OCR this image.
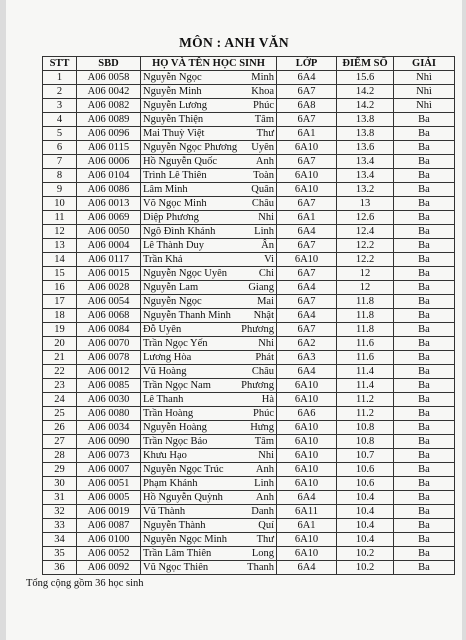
MÔN : ANH VĂN
STT	SBD	HỌ VÀ TÊN HỌC SINH	LỚP	ĐIỂM SỐ	GIẢI
1	A06 0058	Nguyễn Ngọc Minh	6A4	15.6	Nhì
2	A06 0042	Nguyễn Minh Khoa	6A7	14.2	Nhì
3	A06 0082	Nguyễn Lương Phúc	6A8	14.2	Nhì
4	A06 0089	Nguyễn Thiện Tâm	6A7	13.8	Ba
5	A06 0096	Mai Thuỳ Việt Thư	6A1	13.8	Ba
6	A06 0115	Nguyễn Ngọc Phương Uyên	6A10	13.6	Ba
7	A06 0006	Hồ Nguyễn Quốc Anh	6A7	13.4	Ba
8	A06 0104	Trình Lê Thiên Toàn	6A10	13.4	Ba
9	A06 0086	Lâm Minh Quân	6A10	13.2	Ba
10	A06 0013	Võ Ngọc Minh Châu	6A7	13	Ba
11	A06 0069	Diệp Phương Nhi	6A1	12.6	Ba
12	A06 0050	Ngô Đình Khánh Linh	6A4	12.4	Ba
13	A06 0004	Lê Thành Duy Ân	6A7	12.2	Ba
14	A06 0117	Trần Khả Vi	6A10	12.2	Ba
15	A06 0015	Nguyễn Ngọc Uyên Chi	6A7	12	Ba
16	A06 0028	Nguyễn Lam Giang	6A4	12	Ba
17	A06 0054	Nguyễn Ngọc Mai	6A7	11.8	Ba
18	A06 0068	Nguyễn Thanh Minh Nhật	6A4	11.8	Ba
19	A06 0084	Đỗ Uyên Phương	6A7	11.8	Ba
20	A06 0070	Trần Ngọc Yến Nhi	6A2	11.6	Ba
21	A06 0078	Lương Hòa Phát	6A3	11.6	Ba
22	A06 0012	Vũ Hoàng Châu	6A4	11.4	Ba
23	A06 0085	Trần Ngọc Nam Phương	6A10	11.4	Ba
24	A06 0030	Lê Thanh Hà	6A10	11.2	Ba
25	A06 0080	Trần Hoàng Phúc	6A6	11.2	Ba
26	A06 0034	Nguyễn Hoàng Hưng	6A10	10.8	Ba
27	A06 0090	Trần Ngọc Bảo Tâm	6A10	10.8	Ba
28	A06 0073	Khưu Hạo Nhi	6A10	10.7	Ba
29	A06 0007	Nguyễn Ngọc Trúc Anh	6A10	10.6	Ba
30	A06 0051	Phạm Khánh Linh	6A10	10.6	Ba
31	A06 0005	Hồ Nguyễn Quỳnh Anh	6A4	10.4	Ba
32	A06 0019	Vũ Thành Danh	6A11	10.4	Ba
33	A06 0087	Nguyễn Thành Quí	6A1	10.4	Ba
34	A06 0100	Nguyễn Ngọc Minh Thư	6A10	10.4	Ba
35	A06 0052	Trần Lâm Thiên Long	6A10	10.2	Ba
36	A06 0092	Vũ Ngọc Thiên Thanh	6A4	10.2	Ba
Tổng cộng gồm 36 học sinh
